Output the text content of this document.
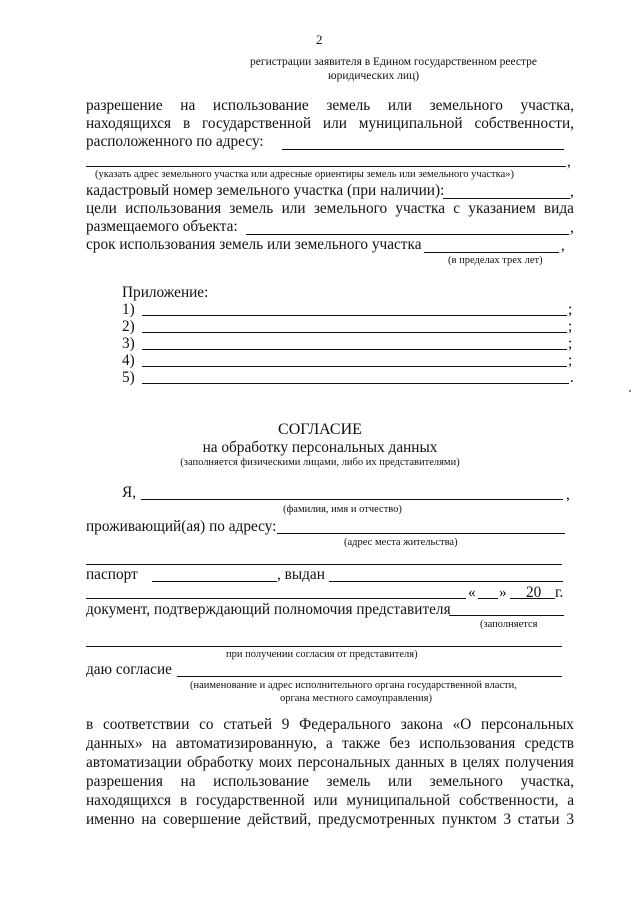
2
регистрации заявителя в Едином государственном реестре
юридических лиц)
разрешение на использование земель или земельного участка,
находящихся в государственной или муниципальной собственности,
расположенного по адресу:
,
(указать адрес земельного участка или адресные ориентиры земель или земельного участка»)
кадастровый номер земельного участка (при наличии):	,
цели использования земель или земельного участка с указанием вида
размещаемого объекта:	,
срок использования земель или земельного участка	,
(в пределах трех лет)
Приложение:
1)	;
2)	;
3)	;
4)	;
5)	.
СОГЛАСИЕ
на обработку персональных данных
(заполняется физическими лицами, либо их представителями)
Я,	,
(фамилия, имя и отчество)
проживающий(ая) по адресу:
(адрес места жительства)
паспорт	, выдан
« » 20 г.
документ, подтверждающий полномочия представителя
(заполняется
при получении согласия от представителя)
даю согласие
(наименование и адрес исполнительного органа государственной власти,
органа местного самоуправления)
в соответствии со статьей 9 Федерального закона «О персональных
данных» на автоматизированную, а также без использования средств
автоматизации обработку моих персональных данных в целях получения
разрешения на использование земель или земельного участка,
находящихся в государственной или муниципальной собственности, а
именно на совершение действий, предусмотренных пунктом 3 статьи 3
